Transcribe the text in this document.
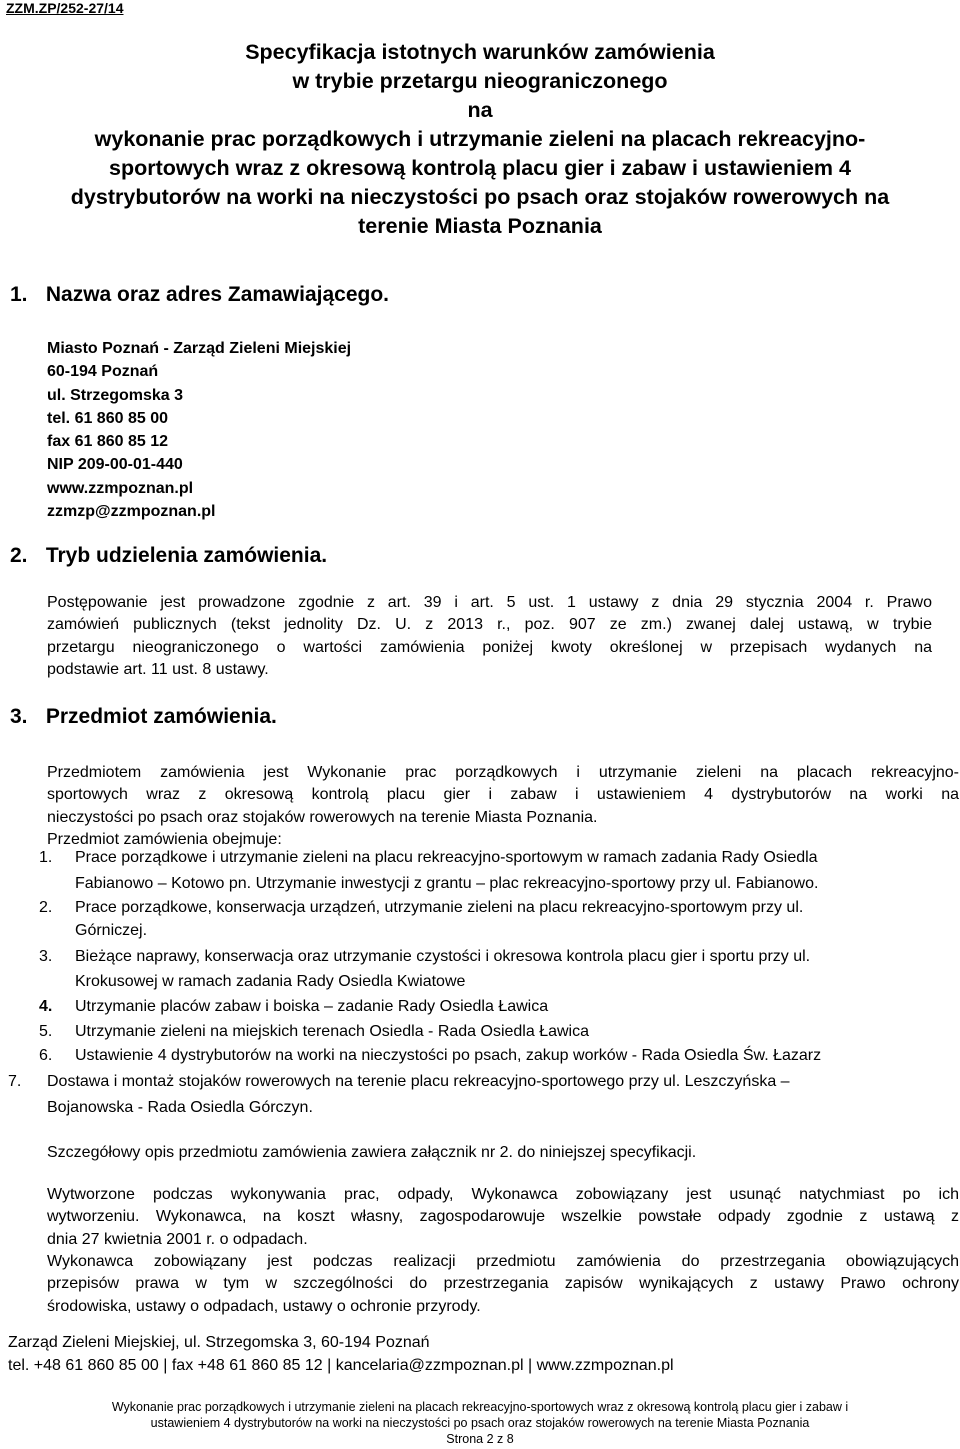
ZZM.ZP/252-27/14
Specyfikacja istotnych warunków zamówienia
w trybie przetargu nieograniczonego
na
wykonanie prac porządkowych i utrzymanie zieleni na placach rekreacyjno-
sportowych wraz z okresową kontrolą placu gier i zabaw i ustawieniem 4
dystrybutorów na worki na nieczystości po psach oraz stojaków rowerowych na
terenie Miasta Poznania
1. Nazwa oraz adres Zamawiającego.
Miasto Poznań - Zarząd Zieleni Miejskiej
60-194 Poznań
ul. Strzegomska 3
tel. 61 860 85 00
fax 61 860 85 12
NIP 209-00-01-440
www.zzmpoznan.pl
zzmzp@zzmpoznan.pl
2. Tryb udzielenia zamówienia.
Postępowanie jest prowadzone zgodnie z art. 39 i art. 5 ust. 1 ustawy z dnia 29 stycznia 2004 r. Prawo
zamówień publicznych (tekst jednolity Dz. U. z 2013 r., poz. 907 ze zm.) zwanej dalej ustawą, w trybie
przetargu nieograniczonego o wartości zamówienia poniżej kwoty określonej w przepisach wydanych na
podstawie art. 11 ust. 8 ustawy.
3. Przedmiot zamówienia.
Przedmiotem zamówienia jest Wykonanie prac porządkowych i utrzymanie zieleni na placach rekreacyjno-
sportowych wraz z okresową kontrolą placu gier i zabaw i ustawieniem 4 dystrybutorów na worki na
nieczystości po psach oraz stojaków rowerowych na terenie Miasta Poznania.
Przedmiot zamówienia obejmuje:
1. Prace porządkowe i utrzymanie zieleni na placu rekreacyjno-sportowym w ramach zadania Rady Osiedla
Fabianowo – Kotowo pn. Utrzymanie inwestycji z grantu – plac rekreacyjno-sportowy przy ul. Fabianowo.
2. Prace porządkowe, konserwacja urządzeń, utrzymanie zieleni na placu rekreacyjno-sportowym przy ul.
Górniczej.
3. Bieżące naprawy, konserwacja oraz utrzymanie czystości i okresowa kontrola placu gier i sportu przy ul.
Krokusowej w ramach zadania Rady Osiedla Kwiatowe
4. Utrzymanie placów zabaw i boiska – zadanie Rady Osiedla Ławica
5. Utrzymanie zieleni na miejskich terenach Osiedla - Rada Osiedla Ławica
6. Ustawienie 4 dystrybutorów na worki na nieczystości po psach, zakup worków - Rada Osiedla Św. Łazarz
7. Dostawa i montaż stojaków rowerowych na terenie placu rekreacyjno-sportowego przy ul. Leszczyńska –
Bojanowska - Rada Osiedla Górczyn.
Szczegółowy opis przedmiotu zamówienia zawiera załącznik nr 2. do niniejszej specyfikacji.
Wytworzone podczas wykonywania prac, odpady, Wykonawca zobowiązany jest usunąć natychmiast po ich
wytworzeniu. Wykonawca, na koszt własny, zagospodarowuje wszelkie powstałe odpady zgodnie z ustawą z
dnia 27 kwietnia 2001 r. o odpadach.
Wykonawca zobowiązany jest podczas realizacji przedmiotu zamówienia do przestrzegania obowiązujących
przepisów prawa w tym w szczególności do przestrzegania zapisów wynikających z ustawy Prawo ochrony
środowiska, ustawy o odpadach, ustawy o ochronie przyrody.
Zarząd Zieleni Miejskiej, ul. Strzegomska 3, 60-194 Poznań
tel. +48 61 860 85 00 | fax +48 61 860 85 12 | kancelaria@zzmpoznan.pl | www.zzmpoznan.pl
Wykonanie prac porządkowych i utrzymanie zieleni na placach rekreacyjno-sportowych wraz z okresową kontrolą placu gier i zabaw i
ustawieniem 4 dystrybutorów na worki na nieczystości po psach oraz stojaków rowerowych na terenie Miasta Poznania
Strona 2 z 8
